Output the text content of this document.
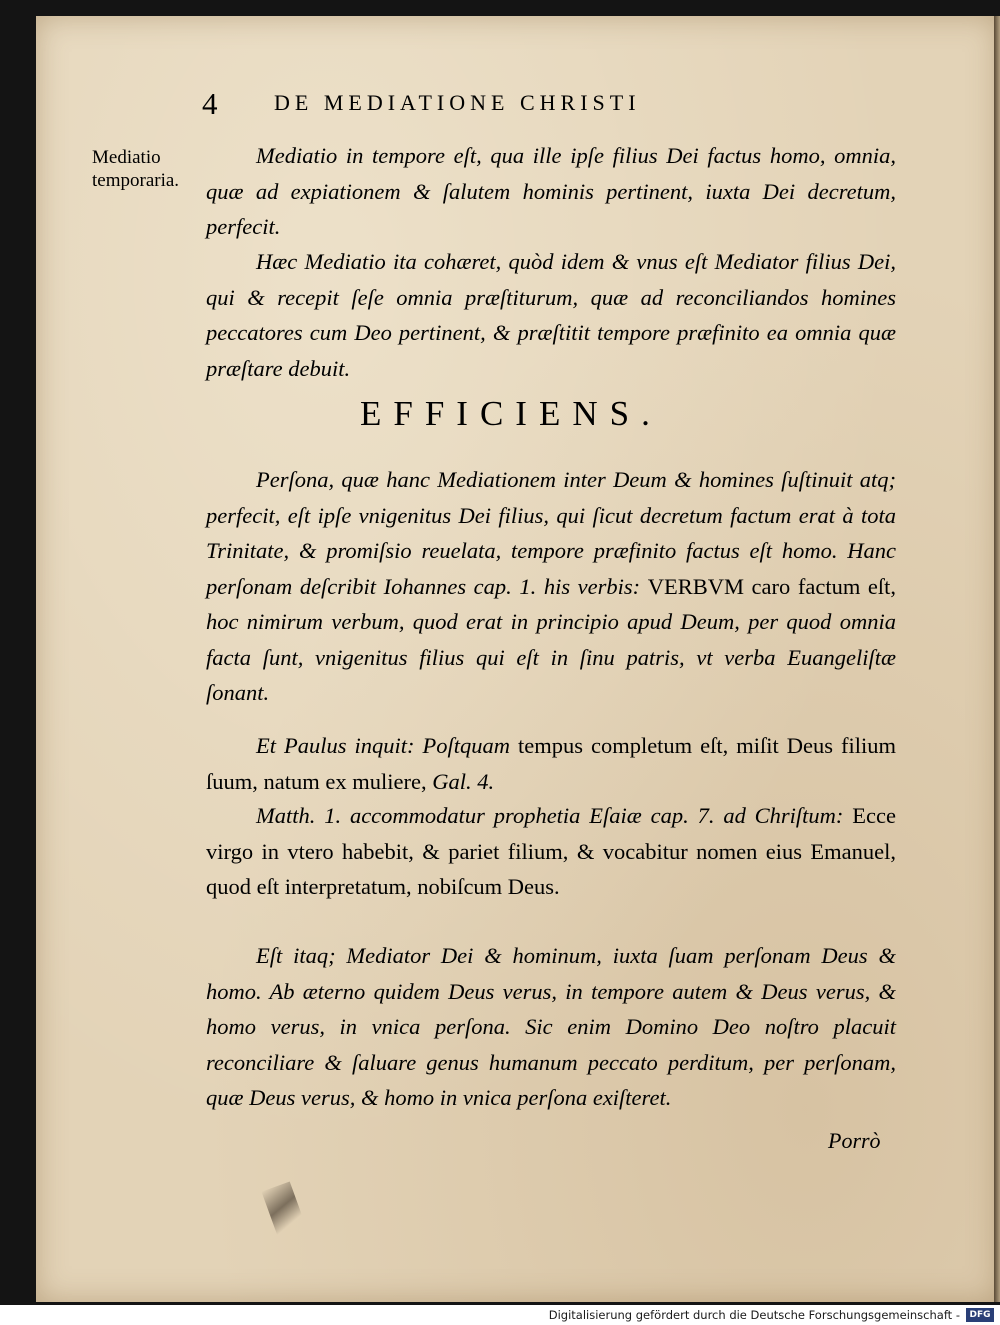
4	DE MEDIATIONE CHRISTI
Mediatio temporaria.

Mediatio in tempore eſt, qua ille ipſe filius Dei factus homo, omnia, quæ ad expiationem & ſalutem hominis pertinent, iuxta Dei decretum, perfecit.

Hæc Mediatio ita cohæret, quòd idem & vnus eſt Mediator filius Dei, qui & recepit ſeſe omnia præſtiturum, quæ ad reconciliandos homines peccatores cum Deo pertinent, & præſtitit tempore præfinito ea omnia quæ præſtare debuit.

EFFICIENS.

Perſona, quæ hanc Mediationem inter Deum & homines ſuſtinuit atq; perfecit, eſt ipſe vnigenitus Dei filius, qui ſicut decretum factum erat à tota Trinitate, & promiſsio reuelata, tempore præfinito factus eſt homo. Hanc perſonam deſcribit Iohannes cap. 1. his verbis: VERBVM caro factum eſt, hoc nimirum verbum, quod erat in principio apud Deum, per quod omnia facta ſunt, vnigenitus filius qui eſt in ſinu patris, vt verba Euangeliſtæ ſonant.

Et Paulus inquit: Poſtquam tempus completum eſt, miſit Deus filium ſuum, natum ex muliere, Gal. 4.

Matth. 1. accommodatur prophetia Eſaiæ cap. 7. ad Chriſtum: Ecce virgo in vtero habebit, & pariet filium, & vocabitur nomen eius Emanuel, quod eſt interpretatum, nobiſcum Deus.

Eſt itaq; Mediator Dei & hominum, iuxta ſuam perſonam Deus & homo. Ab æterno quidem Deus verus, in tempore autem & Deus verus, & homo verus, in vnica perſona. Sic enim Domino Deo noſtro placuit reconciliare & ſaluare genus humanum peccato perditum, per perſonam, quæ Deus verus, & homo in vnica perſona exiſteret.

Porrò
Digitalisierung gefördert durch die Deutsche Forschungsgemeinschaft -	DFG
